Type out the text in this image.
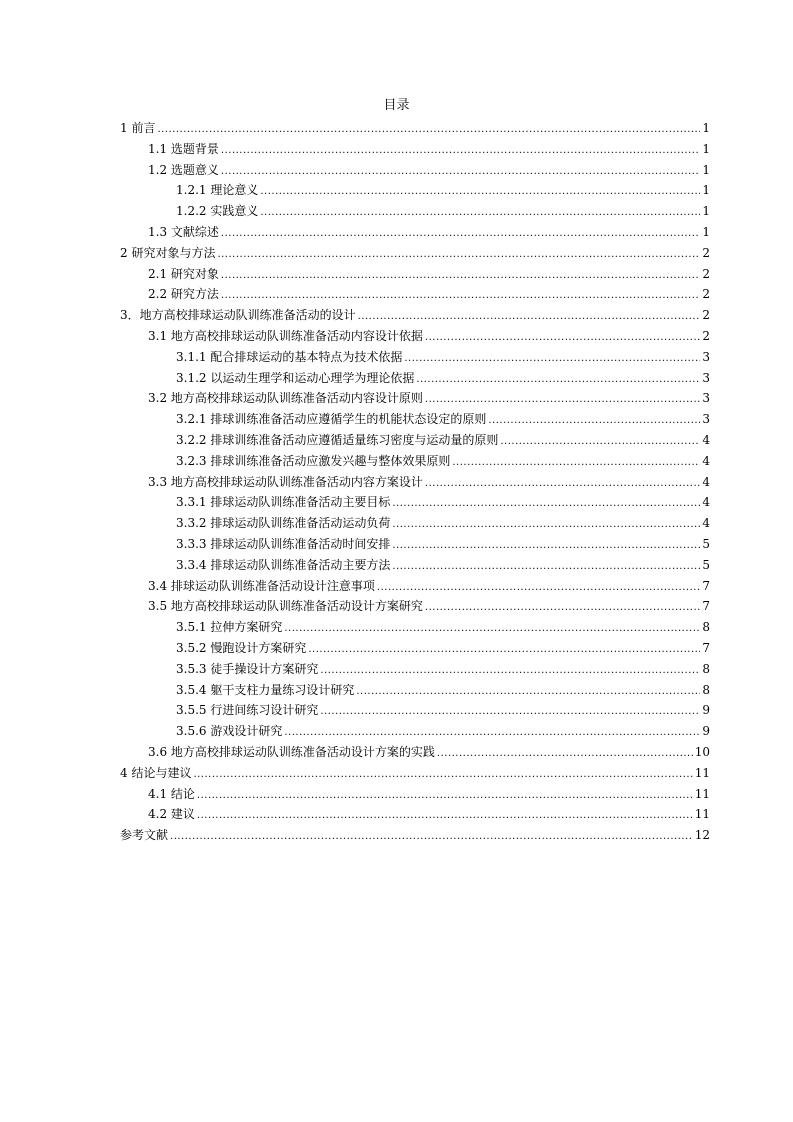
目录
1 前言 .....	1
1.1 选题背景 .....	1
1.2 选题意义 .....	1
1.2.1 理论意义 .....	1
1.2.2 实践意义 .....	1
1.3 文献综述 .....	1
2 研究对象与方法 .....	2
2.1 研究对象 .....	2
2.2 研究方法 .....	2
3．地方高校排球运动队训练准备活动的设计 .....	2
3.1 地方高校排球运动队训练准备活动内容设计依据 .....	2
3.1.1 配合排球运动的基本特点为技术依据 .....	3
3.1.2 以运动生理学和运动心理学为理论依据 .....	3
3.2 地方高校排球运动队训练准备活动内容设计原则 .....	3
3.2.1 排球训练准备活动应遵循学生的机能状态设定的原则 .....	3
3.2.2 排球训练准备活动应遵循适量练习密度与运动量的原则 .....	4
3.2.3 排球训练准备活动应激发兴趣与整体效果原则 .....	4
3.3 地方高校排球运动队训练准备活动内容方案设计 .....	4
3.3.1 排球运动队训练准备活动主要目标 .....	4
3.3.2 排球运动队训练准备活动运动负荷 .....	4
3.3.3 排球运动队训练准备活动时间安排 .....	5
3.3.4 排球运动队训练准备活动主要方法 .....	5
3.4 排球运动队训练准备活动设计注意事项 .....	7
3.5 地方高校排球运动队训练准备活动设计方案研究 .....	7
3.5.1 拉伸方案研究 .....	8
3.5.2 慢跑设计方案研究 .....	7
3.5.3 徒手操设计方案研究 .....	8
3.5.4 躯干支柱力量练习设计研究 .....	8
3.5.5 行进间练习设计研究 .....	9
3.5.6 游戏设计研究 .....	9
3.6 地方高校排球运动队训练准备活动设计方案的实践 .....	10
4 结论与建议 .....	11
4.1 结论 .....	11
4.2 建议 .....	11
参考文献 .....	12
